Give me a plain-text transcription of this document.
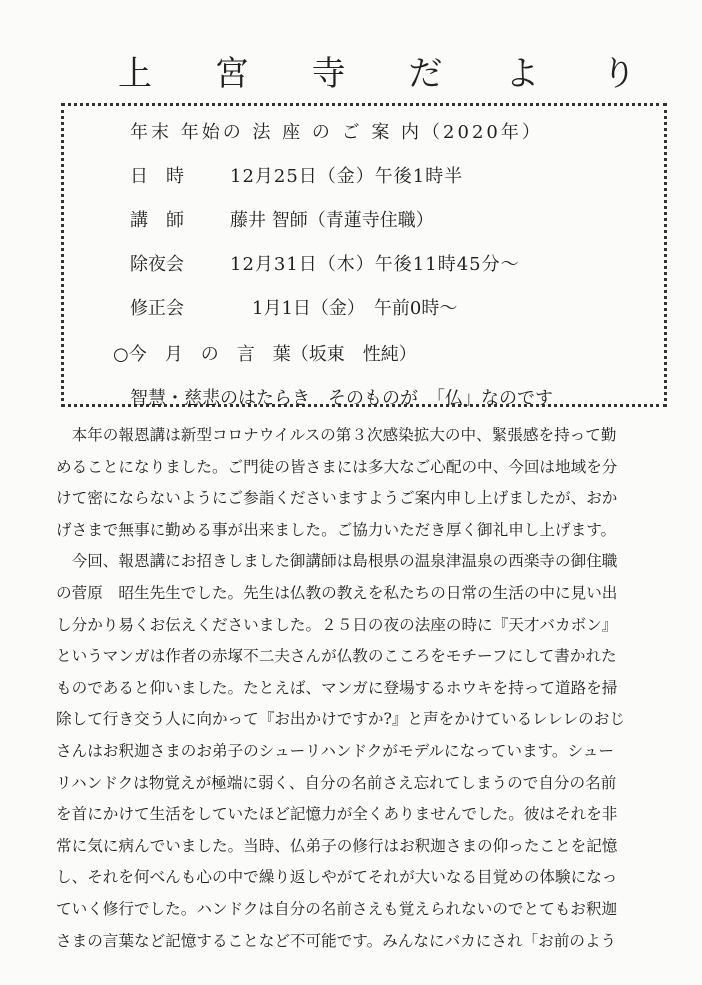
上 宮 寺 だ よ り
年末 年始の 法 座 の ご 案 内（2020年）
日　時	12月25日（金）午後1時半
講　師	藤井 智師（青蓮寺住職）
除夜会	12月31日（木）午後11時45分～
修正会	1月1日（金）　午前0時～
○今　月　の　言　葉（坂東　性純）
智慧・慈悲のはたらき　そのものが　「仏」なのです

　本年の報恩講は新型コロナウイルスの第３次感染拡大の中、緊張感を持って勤

めることになりました。ご門徒の皆さまには多大なご心配の中、今回は地域を分

けて密にならないようにご参詣くださいますようご案内申し上げましたが、おか

げさまで無事に勤める事が出来ました。ご協力いただき厚く御礼申し上げます。

　今回、報恩講にお招きしました御講師は島根県の温泉津温泉の西楽寺の御住職

の菅原　昭生先生でした。先生は仏教の教えを私たちの日常の生活の中に見い出

し分かり易くお伝えくださいました。２５日の夜の法座の時に『天才バカボン』

というマンガは作者の赤塚不二夫さんが仏教のこころをモチーフにして書かれた

ものであると仰いました。たとえば、マンガに登場するホウキを持って道路を掃

除して行き交う人に向かって『お出かけですか?』と声をかけているレレレのおじ

さんはお釈迦さまのお弟子のシューリハンドクがモデルになっています。シュー

リハンドクは物覚えが極端に弱く、自分の名前さえ忘れてしまうので自分の名前

を首にかけて生活をしていたほど記憶力が全くありませんでした。彼はそれを非

常に気に病んでいました。当時、仏弟子の修行はお釈迦さまの仰ったことを記憶

し、それを何べんも心の中で繰り返しやがてそれが大いなる目覚めの体験になっ

ていく修行でした。ハンドクは自分の名前さえも覚えられないのでとてもお釈迦

さまの言葉など記憶することなど不可能です。みんなにバカにされ「お前のよう
